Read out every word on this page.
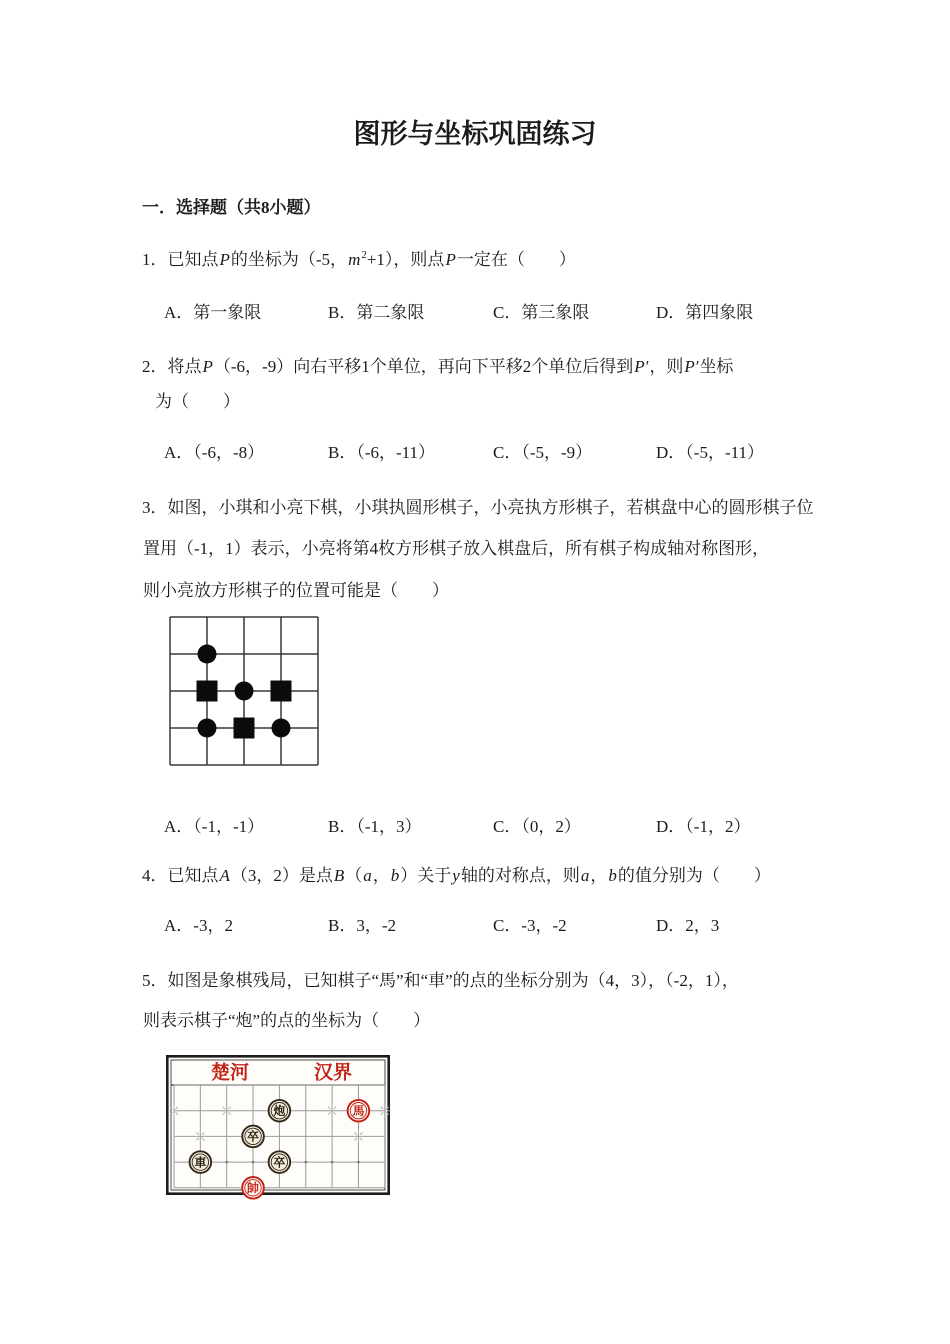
图形与坐标巩固练习
一．选择题（共8小题）
1．已知点P的坐标为（-5，$m^2+1$），则点P一定在（　　）
A．第一象限	B．第二象限	C．第三象限	D．第四象限
2．将点P（-6，-9）向右平移1个单位，再向下平移2个单位后得到P′，则P′坐标
为（　　）
A．（-6，-8）	B．（-6，-11）	C．（-5，-9）	D．（-5，-11）
3．如图，小琪和小亮下棋，小琪执圆形棋子，小亮执方形棋子，若棋盘中心的圆形棋子位
置用（-1，1）表示，小亮将第4枚方形棋子放入棋盘后，所有棋子构成轴对称图形，
则小亮放方形棋子的位置可能是（　　）
A．（-1，-1）	B．（-1，3）	C．（0，2）	D．（-1，2）
4．已知点A（3，2）是点B（a，b）关于y轴的对称点，则a，b的值分别为（　　）
A．-3，2	B．3，-2	C．-3，-2	D．2，3
5．如图是象棋残局，已知棋子“馬”和“車”的点的坐标分别为（4，3），（-2，1），
则表示棋子“炮”的点的坐标为（　　）
楚河	汉界
炮	馬
卒
車	卒
帥
